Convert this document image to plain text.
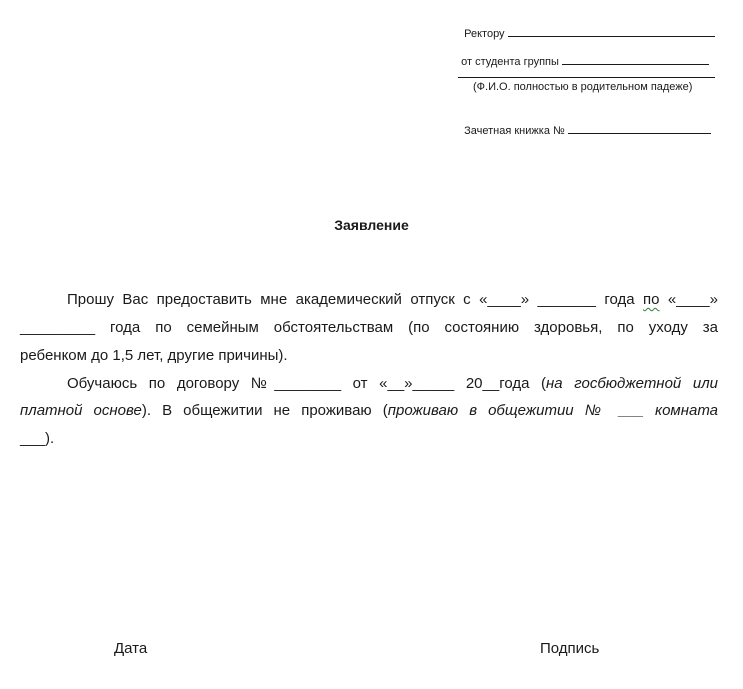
Ректору

от студента группы

(Ф.И.О. полностью в родительном падеже)

Зачетная книжка №

Заявление
Прошу Вас предоставить мне академический отпуск с «____» _______ года по «____»
_________ года по семейным обстоятельствам (по состоянию здоровья, по уходу за
ребенком до 1,5 лет, другие причины).
Обучаюсь по договору №________ от «__»_____ 20__года (на госбюджетной или
платной основе). В общежитии не проживаю (проживаю в общежитии № ___ комната
___).
Дата	Подпись
